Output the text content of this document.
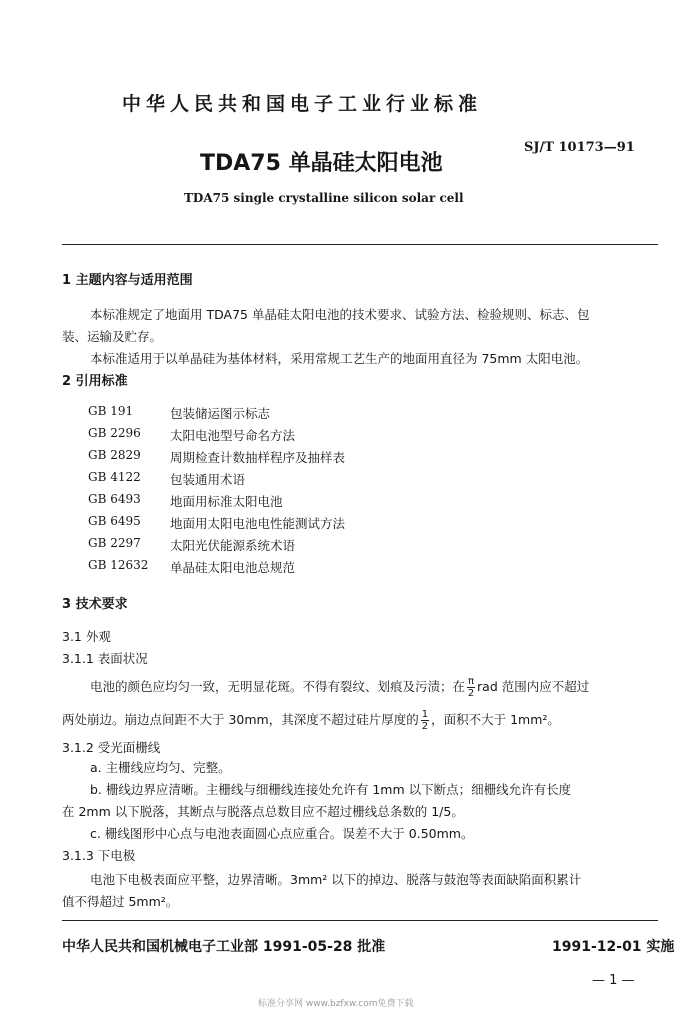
中华人民共和国电子工业行业标准
SJ/T 10173—91
TDA75 单晶硅太阳电池
TDA75 single crystalline silicon solar cell
1 主题内容与适用范围
本标准规定了地面用 TDA75 单晶硅太阳电池的技术要求、试验方法、检验规则、标志、包
装、运输及贮存。
本标准适用于以单晶硅为基体材料，采用常规工艺生产的地面用直径为 75mm 太阳电池。
2 引用标准
GB 191	包装储运图示标志
GB 2296 太阳电池型号命名方法
GB 2829 周期检查计数抽样程序及抽样表
GB 4122 包装通用术语
GB 6493 地面用标准太阳电池
GB 6495 地面用太阳电池电性能测试方法
GB 2297 太阳光伏能源系统术语
GB 12632 单晶硅太阳电池总规范
3 技术要求
3.1 外观
3.1.1 表面状况
电池的颜色应均匀一致，无明显花斑。不得有裂纹、划痕及污渍；在 $\frac{\pi}{2}$ rad 范围内应不超过
两处崩边。崩边点间距不大于 30mm，其深度不超过硅片厚度的 $\frac{1}{2}$ ，面积不大于 1mm²。
3.1.2 受光面栅线
a. 主栅线应均匀、完整。
b. 栅线边界应清晰。主栅线与细栅线连接处允许有 1mm 以下断点；细栅线允许有长度
在 2mm 以下脱落，其断点与脱落点总数目应不超过栅线总条数的 1/5。
c. 栅线图形中心点与电池表面圆心点应重合。误差不大于 0.50mm。
3.1.3 下电极
电池下电极表面应平整，边界清晰。3mm² 以下的掉边、脱落与鼓泡等表面缺陷面积累计
值不得超过 5mm²。
中华人民共和国机械电子工业部 1991-05-28 批准	1991-12-01 实施
— 1 —
标准分享网 www.bzfxw.com免费下载
